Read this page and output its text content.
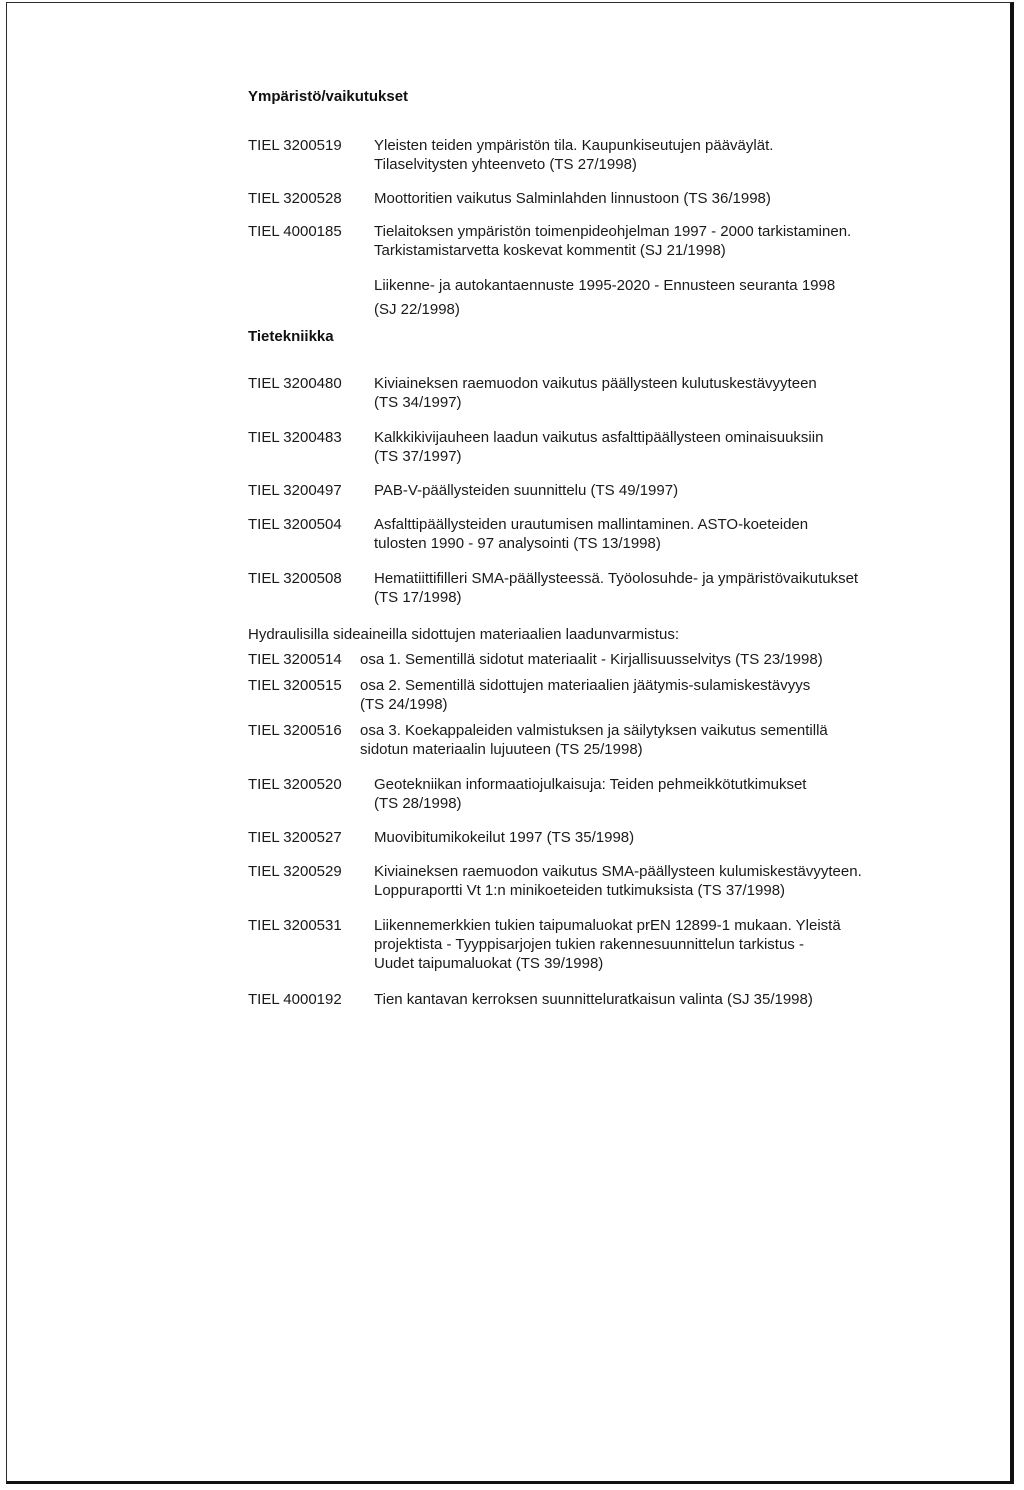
Ympäristö/vaikutukset
TIEL 3200519 Yleisten teiden ympäristön tila. Kaupunkiseutujen pääväylät.
Tilaselvitysten yhteenveto (TS 27/1998)
TIEL 3200528 Moottoritien vaikutus Salminlahden linnustoon (TS 36/1998)
TIEL 4000185 Tielaitoksen ympäristön toimenpideohjelman 1997 - 2000 tarkistaminen.
Tarkistamistarvetta koskevat kommentit (SJ 21/1998)
Liikenne- ja autokantaennuste 1995-2020 - Ennusteen seuranta 1998
(SJ 22/1998)
Tietekniikka
TIEL 3200480 Kiviaineksen raemuodon vaikutus päällysteen kulutuskestävyyteen
(TS 34/1997)
TIEL 3200483 Kalkkikivijauheen laadun vaikutus asfalttipäällysteen ominaisuuksiin
(TS 37/1997)
TIEL 3200497 PAB-V-päällysteiden suunnittelu (TS 49/1997)
TIEL 3200504 Asfalttipäällysteiden urautumisen mallintaminen. ASTO-koeteiden
tulosten 1990 - 97 analysointi (TS 13/1998)
TIEL 3200508 Hematiittifilleri SMA-päällysteessä. Työolosuhde- ja ympäristövaikutukset
(TS 17/1998)
Hydraulisilla sideaineilla sidottujen materiaalien laadunvarmistus:
TIEL 3200514 osa 1. Sementillä sidotut materiaalit - Kirjallisuusselvitys (TS 23/1998)
TIEL 3200515 osa 2. Sementillä sidottujen materiaalien jäätymis-sulamiskestävyys
(TS 24/1998)
TIEL 3200516 osa 3. Koekappaleiden valmistuksen ja säilytyksen vaikutus sementillä
sidotun materiaalin lujuuteen (TS 25/1998)
TIEL 3200520 Geotekniikan informaatiojulkaisuja: Teiden pehmeikkötutkimukset
(TS 28/1998)
TIEL 3200527 Muovibitumikokeilut 1997 (TS 35/1998)
TIEL 3200529 Kiviaineksen raemuodon vaikutus SMA-päällysteen kulumiskestävyyteen.
Loppuraportti Vt 1:n minikoeteiden tutkimuksista (TS 37/1998)
TIEL 3200531 Liikennemerkkien tukien taipumaluokat prEN 12899-1 mukaan. Yleistä
projektista - Tyyppisarjojen tukien rakennesuunnittelun tarkistus -
Uudet taipumaluokat (TS 39/1998)
TIEL 4000192 Tien kantavan kerroksen suunnitteluratkaisun valinta (SJ 35/1998)
